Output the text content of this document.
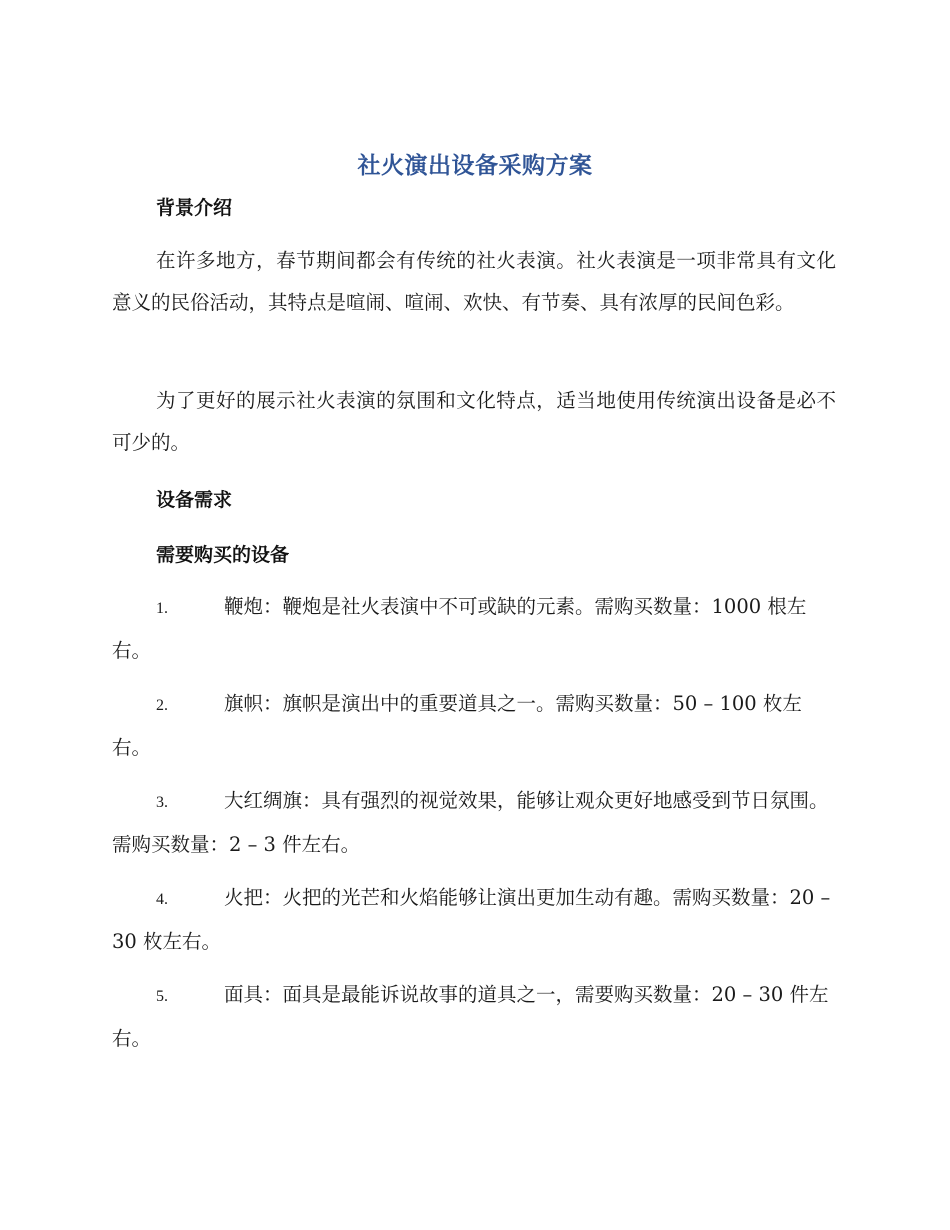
社火演出设备采购方案
背景介绍
在许多地方，春节期间都会有传统的社火表演。社火表演是一项非常具有文化意义的民俗活动，其特点是喧闹、喧闹、欢快、有节奏、具有浓厚的民间色彩。
为了更好的展示社火表演的氛围和文化特点，适当地使用传统演出设备是必不可少的。
设备需求
需要购买的设备
1.	鞭炮：鞭炮是社火表演中不可或缺的元素。需购买数量：1000 根左右。
2.	旗帜：旗帜是演出中的重要道具之一。需购买数量：50 – 100 枚左右。
3.	大红绸旗：具有强烈的视觉效果，能够让观众更好地感受到节日氛围。需购买数量：2 – 3 件左右。
4.	火把：火把的光芒和火焰能够让演出更加生动有趣。需购买数量：20 – 30 枚左右。
5.	面具：面具是最能诉说故事的道具之一，需要购买数量：20 – 30 件左右。
